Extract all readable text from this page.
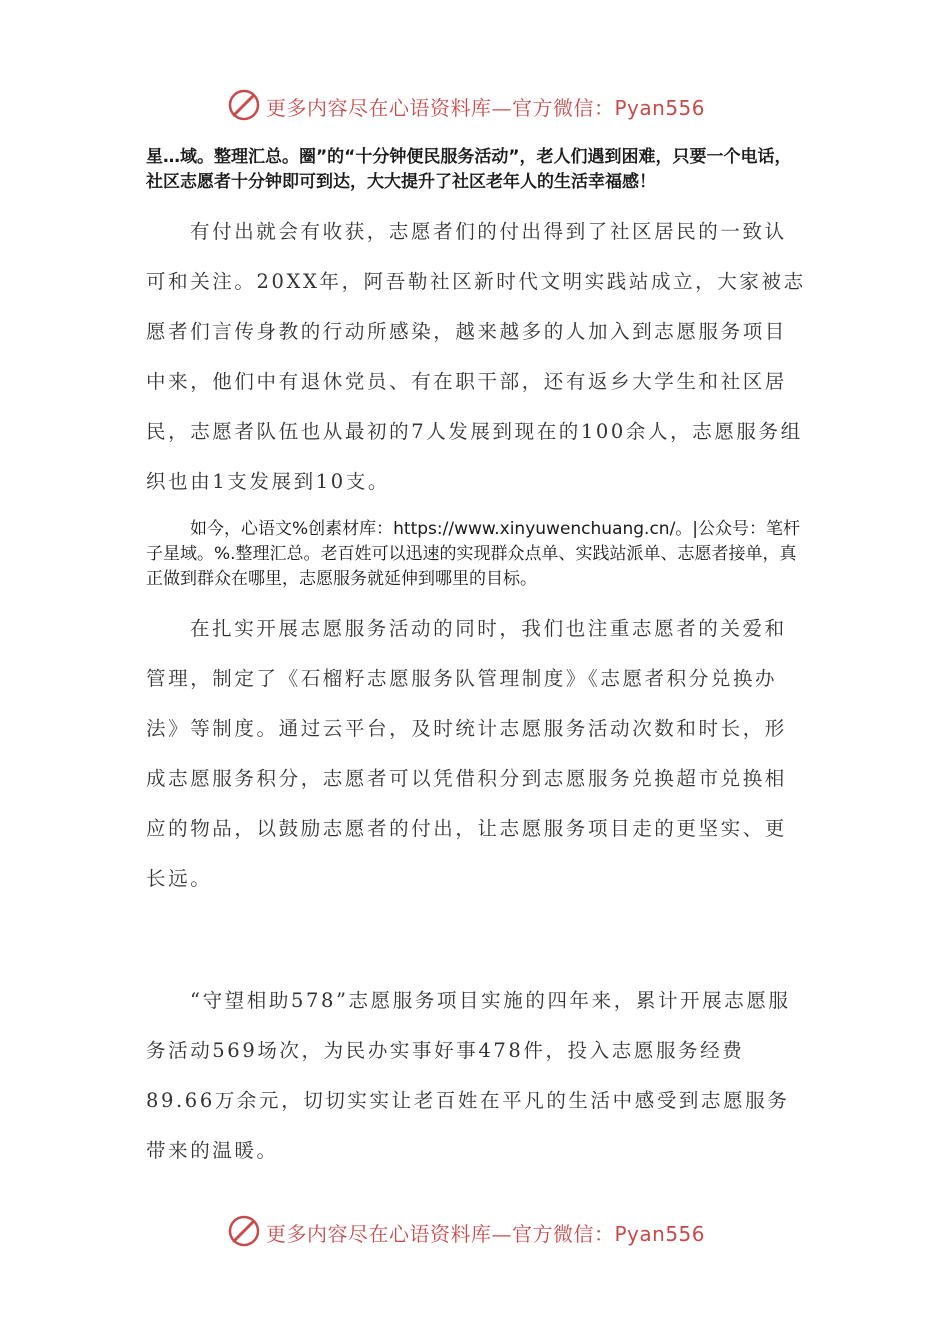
更多内容尽在心语资料库—官方微信：Pyan556
星…域。整理汇总。圈”的“十分钟便民服务活动”，老人们遇到困难，只要一个电话，社区志愿者十分钟即可到达，大大提升了社区老年人的生活幸福感！
有付出就会有收获，志愿者们的付出得到了社区居民的一致认可和关注。20XX年，阿吾勒社区新时代文明实践站成立，大家被志愿者们言传身教的行动所感染，越来越多的人加入到志愿服务项目中来，他们中有退休党员、有在职干部，还有返乡大学生和社区居民，志愿者队伍也从最初的7人发展到现在的100余人，志愿服务组织也由1支发展到10支。
如今，心语文%创素材库：https://www.xinyuwenchuang.cn/。|公众号：笔杆子星域。%.整理汇总。老百姓可以迅速的实现群众点单、实践站派单、志愿者接单，真正做到群众在哪里，志愿服务就延伸到哪里的目标。
在扎实开展志愿服务活动的同时，我们也注重志愿者的关爱和管理，制定了《石榴籽志愿服务队管理制度》《志愿者积分兑换办法》等制度。通过云平台，及时统计志愿服务活动次数和时长，形成志愿服务积分，志愿者可以凭借积分到志愿服务兑换超市兑换相应的物品，以鼓励志愿者的付出，让志愿服务项目走的更坚实、更长远。
“守望相助578”志愿服务项目实施的四年来，累计开展志愿服务活动569场次，为民办实事好事478件，投入志愿服务经费89.66万余元，切切实实让老百姓在平凡的生活中感受到志愿服务带来的温暖。
更多内容尽在心语资料库—官方微信：Pyan556
